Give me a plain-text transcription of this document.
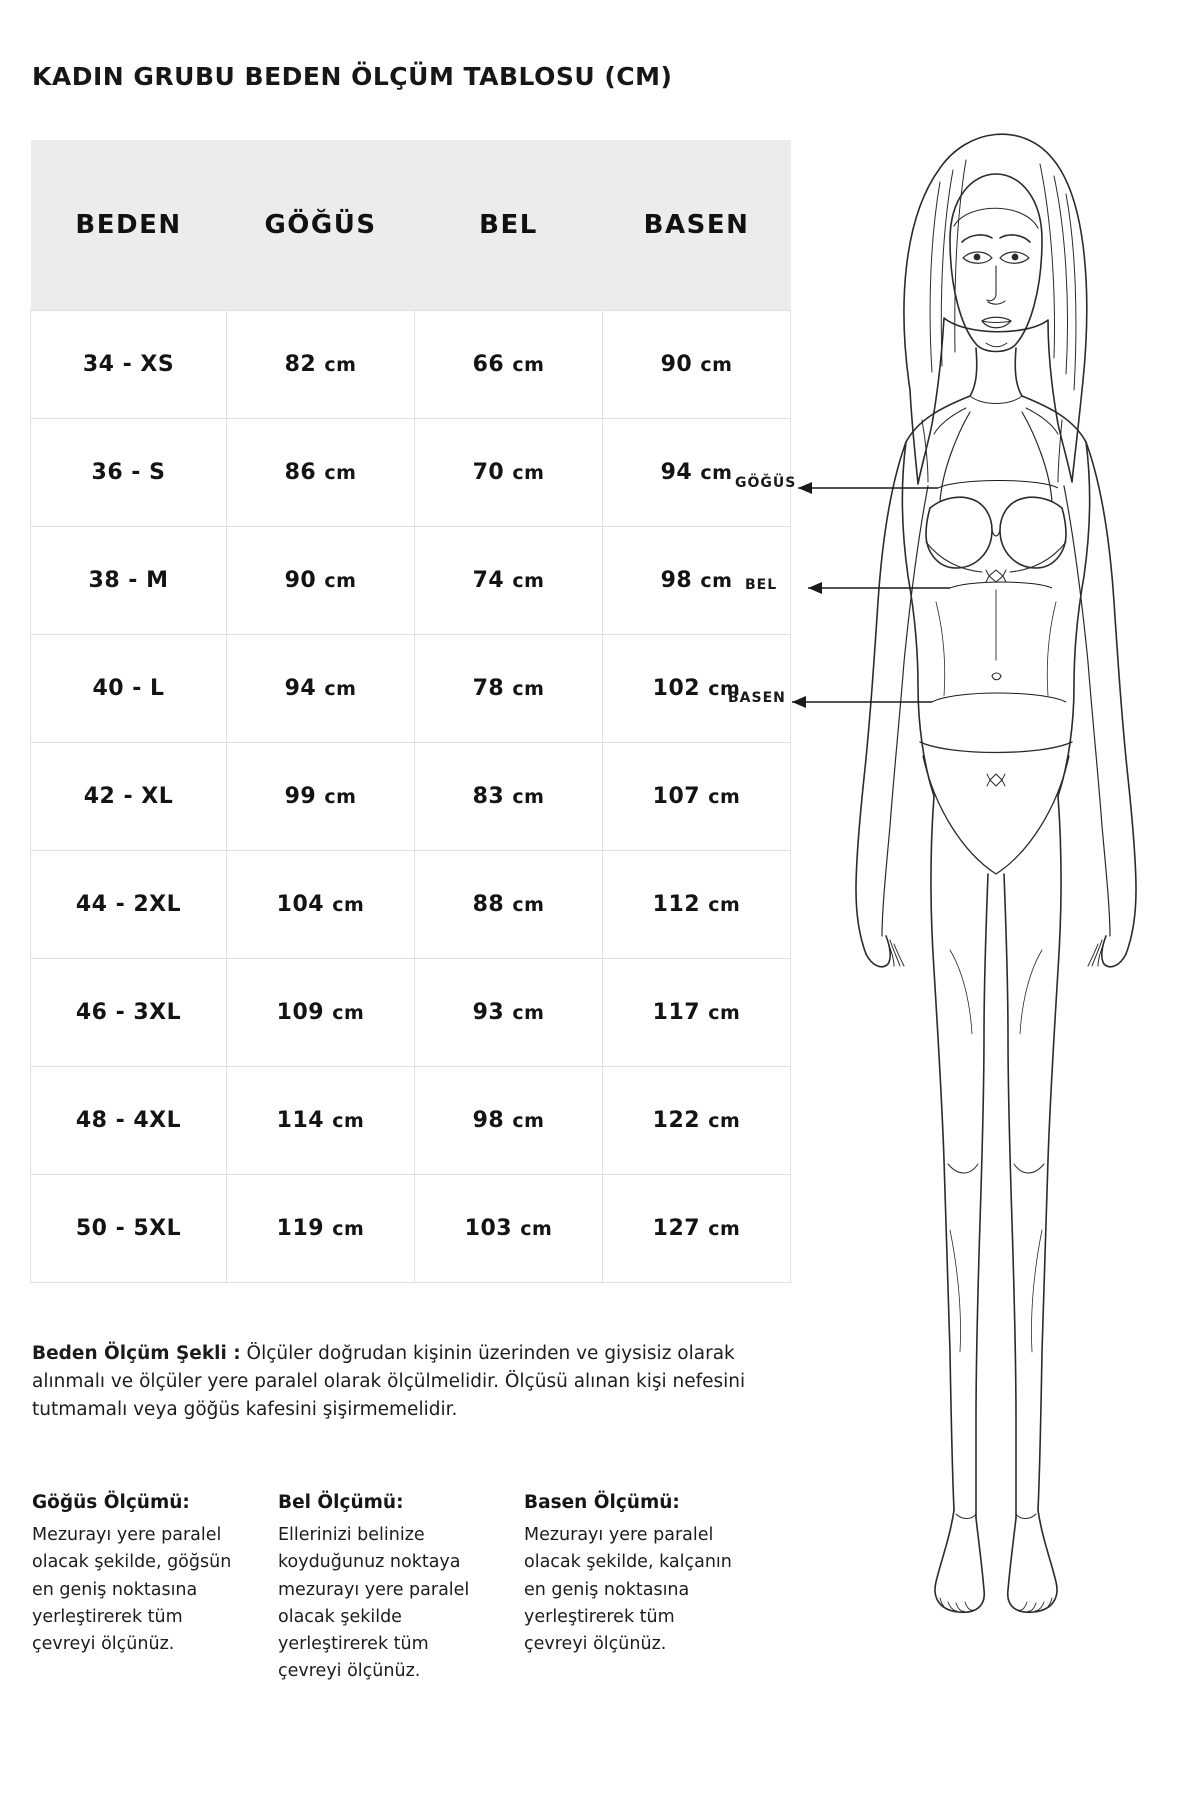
KADIN GRUBU BEDEN ÖLÇÜM TABLOSU (CM)
BEDEN	GÖĞÜS	BEL	BASEN
34 - XS	82 cm	66 cm	90 cm
36 - S	86 cm	70 cm	94 cm
38 - M	90 cm	74 cm	98 cm
40 - L	94 cm	78 cm	102 cm
42 - XL	99 cm	83 cm	107 cm
44 - 2XL	104 cm	88 cm	112 cm
46 - 3XL	109 cm	93 cm	117 cm
48 - 4XL	114 cm	98 cm	122 cm
50 - 5XL	119 cm	103 cm	127 cm

Beden Ölçüm Şekli : Ölçüler doğrudan kişinin üzerinden ve giysisiz olarak alınmalı ve ölçüler yere paralel olarak ölçülmelidir. Ölçüsü alınan kişi nefesini tutmamalı veya göğüs kafesini şişirmemelidir.

Göğüs Ölçümü:

Mezurayı yere paralel olacak şekilde, göğsün en geniş noktasına yerleştirerek tüm çevreyi ölçünüz.

Bel Ölçümü:

Ellerinizi belinize koyduğunuz noktaya mezurayı yere paralel olacak şekilde yerleştirerek tüm çevreyi ölçünüz.

Basen Ölçümü:

Mezurayı yere paralel olacak şekilde, kalçanın en geniş noktasına yerleştirerek tüm çevreyi ölçünüz.

GÖĞÜS
BEL
BASEN
